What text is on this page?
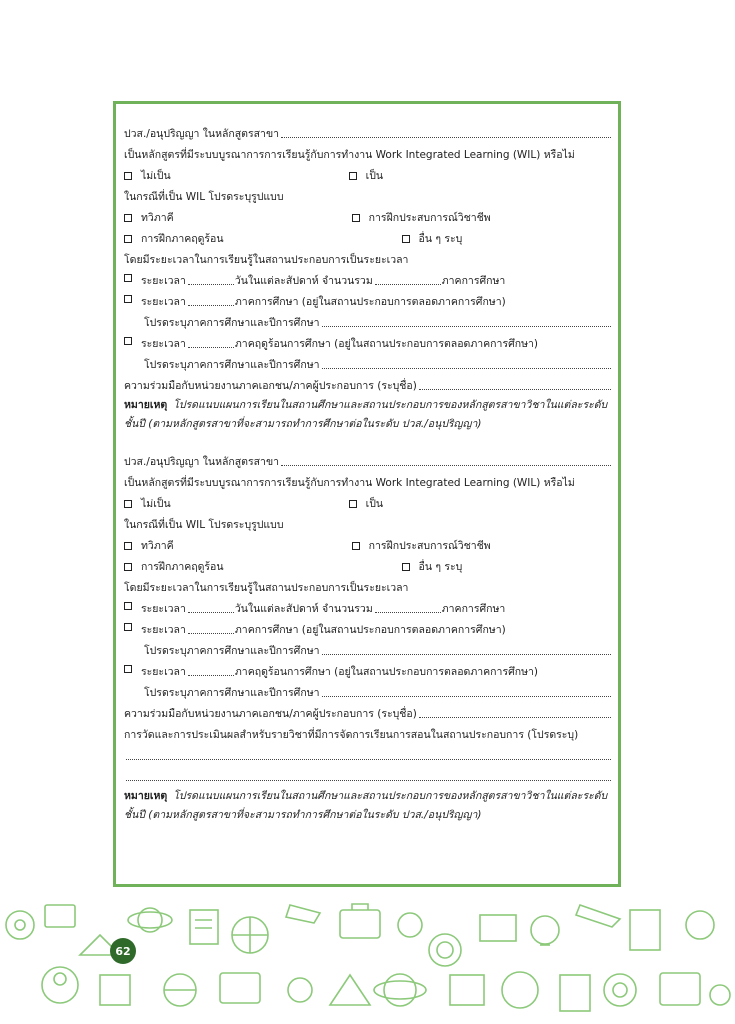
ปวส./อนุปริญญา ในหลักสูตรสาขา
เป็นหลักสูตรที่มีระบบบูรณาการการเรียนรู้กับการทำงาน Work Integrated Learning (WIL) หรือไม่
ไม่เป็น	เป็น
ในกรณีที่เป็น WIL โปรดระบุรูปแบบ
ทวิภาคี	การฝึกประสบการณ์วิชาชีพ
การฝึกภาคฤดูร้อน	อื่น ๆ ระบุ
โดยมีระยะเวลาในการเรียนรู้ในสถานประกอบการเป็นระยะเวลา
ระยะเวลา	วันในแต่ละสัปดาห์ จำนวนรวม	ภาคการศึกษา
ระยะเวลา	ภาคการศึกษา (อยู่ในสถานประกอบการตลอดภาคการศึกษา)
โปรดระบุภาคการศึกษาและปีการศึกษา
ระยะเวลา	ภาคฤดูร้อนการศึกษา (อยู่ในสถานประกอบการตลอดภาคการศึกษา)
โปรดระบุภาคการศึกษาและปีการศึกษา
ความร่วมมือกับหน่วยงานภาคเอกชน/ภาคผู้ประกอบการ (ระบุชื่อ)
หมายเหตุ โปรดแนบแผนการเรียนในสถานศึกษาและสถานประกอบการของหลักสูตรสาขาวิชาในแต่ละระดับชั้นปี (ตามหลักสูตรสาขาที่จะสามารถทำการศึกษาต่อในระดับ ปวส./อนุปริญญา)
ปวส./อนุปริญญา ในหลักสูตรสาขา
เป็นหลักสูตรที่มีระบบบูรณาการการเรียนรู้กับการทำงาน Work Integrated Learning (WIL) หรือไม่
ไม่เป็น	เป็น
ในกรณีที่เป็น WIL โปรดระบุรูปแบบ
ทวิภาคี	การฝึกประสบการณ์วิชาชีพ
การฝึกภาคฤดูร้อน	อื่น ๆ ระบุ
โดยมีระยะเวลาในการเรียนรู้ในสถานประกอบการเป็นระยะเวลา
ระยะเวลา	วันในแต่ละสัปดาห์ จำนวนรวม	ภาคการศึกษา
ระยะเวลา	ภาคการศึกษา (อยู่ในสถานประกอบการตลอดภาคการศึกษา)
โปรดระบุภาคการศึกษาและปีการศึกษา
ระยะเวลา	ภาคฤดูร้อนการศึกษา (อยู่ในสถานประกอบการตลอดภาคการศึกษา)
โปรดระบุภาคการศึกษาและปีการศึกษา
ความร่วมมือกับหน่วยงานภาคเอกชน/ภาคผู้ประกอบการ (ระบุชื่อ)
การวัดและการประเมินผลสำหรับรายวิชาที่มีการจัดการเรียนการสอนในสถานประกอบการ (โปรดระบุ)
หมายเหตุ โปรดแนบแผนการเรียนในสถานศึกษาและสถานประกอบการของหลักสูตรสาขาวิชาในแต่ละระดับชั้นปี (ตามหลักสูตรสาขาที่จะสามารถทำการศึกษาต่อในระดับ ปวส./อนุปริญญา)
62
